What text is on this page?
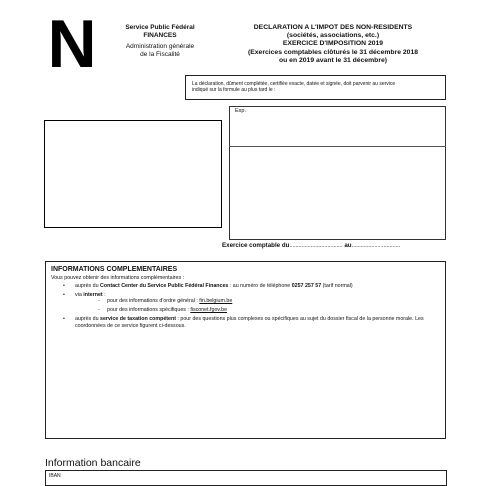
N	Service Public Fédéral
FINANCES
Administration générale
de la Fiscalité
DECLARATION A L'IMPOT DES NON-RESIDENTS
(sociétés, associations, etc.)
EXERCICE D'IMPOSITION 2019
(Exercices comptables clôturés le 31 décembre 2018
ou en 2019 avant le 31 décembre)
La déclaration, dûment complétée, certifiée exacte, datée et signée, doit parvenir au service
indiqué sur la formule au plus tard le :
Exp.
Exercice comptable du................................... au................................
INFORMATIONS COMPLEMENTAIRES
Vous pouvez obtenir des informations complémentaires :
• auprès du Contact Center du Service Public Fédéral Finances : au numéro de téléphone 0257 257 57 (tarif normal)
• via internet :
- pour des informations d'ordre général : fin.belgium.be
- pour des informations spécifiques : fisconet.fgov.be
• auprès du service de taxation compétent : pour des questions plus complexes ou spécifiques au sujet du dossier fiscal de la personne morale. Les coordonnées de ce service figurent ci-dessous.
Information bancaire
IBAN
